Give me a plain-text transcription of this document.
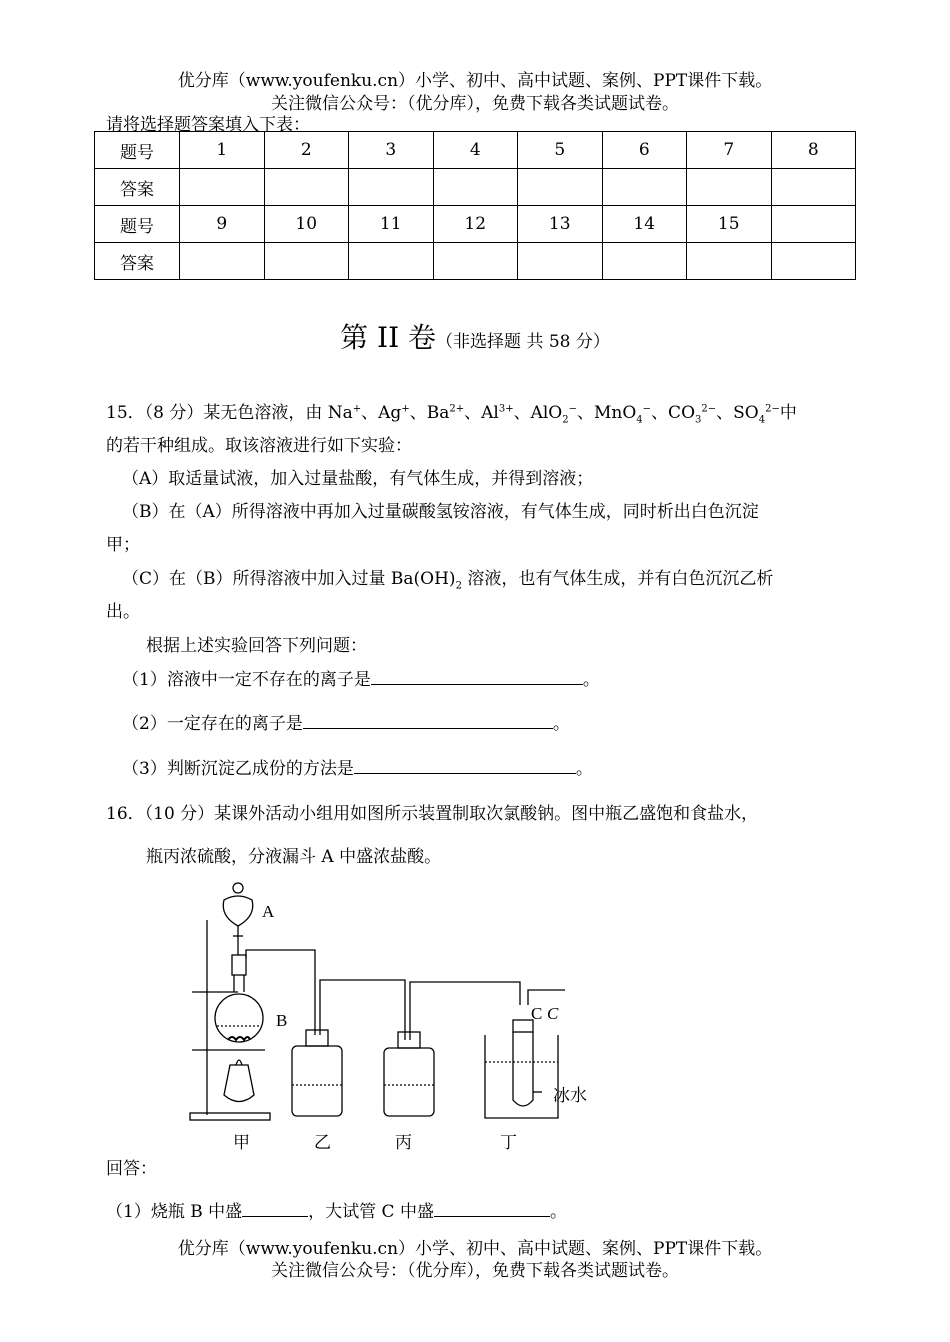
优分库（www.youfenku.cn）小学、初中、高中试题、案例、PPT课件下载。
关注微信公众号：（优分库），免费下载各类试题试卷。
请将选择题答案填入下表：
题号	1	2	3	4	5	6	7	8
答案								
题号	9	10	11	12	13	14	15	
答案								
第 II 卷（非选择题 共 58 分）
15．（8 分）某无色溶液，由 Na+、Ag+、$Ba^{2+}$、$Al^{3+}$、AlO$_2$−、MnO$_4$−、$CO_3^{2-}$、$SO_4^{2-}$中
的若干种组成。取该溶液进行如下实验：
（A）取适量试液，加入过量盐酸，有气体生成，并得到溶液；
（B）在（A）所得溶液中再加入过量碳酸氢铵溶液，有气体生成，同时析出白色沉淀
甲；
（C）在（B）所得溶液中加入过量 $Ba(OH)_2$ 溶液，也有气体生成，并有白色沉沉乙析
出。
根据上述实验回答下列问题：
（1）溶液中一定不存在的离子是	。
（2）一定存在的离子是	。
（3）判断沉淀乙成份的方法是	。
16．（10 分）某课外活动小组用如图所示装置制取次氯酸钠。图中瓶乙盛饱和食盐水，
瓶丙浓硫酸，分液漏斗 A 中盛浓盐酸。
A
B	C C
冰水
甲	乙	丙	丁
回答：
（1）烧瓶 B 中盛	，大试管 C 中盛	。
优分库（www.youfenku.cn）小学、初中、高中试题、案例、PPT课件下载。
关注微信公众号：（优分库），免费下载各类试题试卷。
